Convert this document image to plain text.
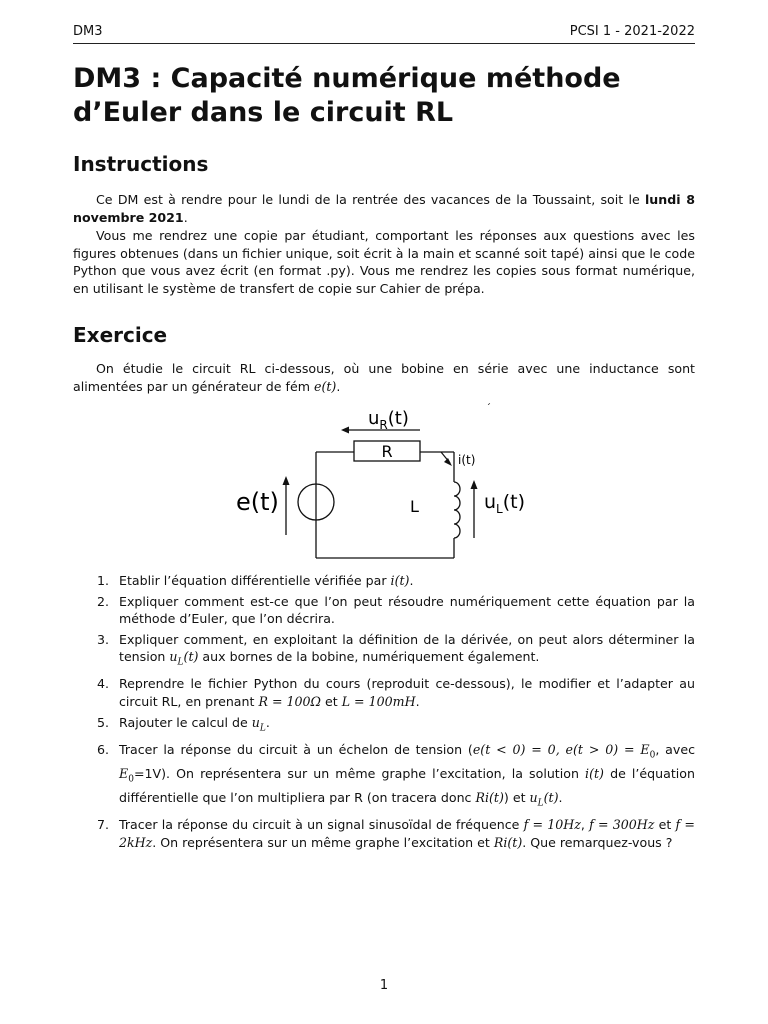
DM3	PCSI 1 - 2021-2022
DM3 : Capacité numérique méthode d’Euler dans le circuit RL
Instructions

Ce DM est à rendre pour le lundi de la rentrée des vacances de la Toussaint, soit le lundi 8 novembre 2021.

Vous me rendrez une copie par étudiant, comportant les réponses aux questions avec les figures obtenues (dans un fichier unique, soit écrit à la main et scanné soit tapé) ainsi que le code Python que vous avez écrit (en format .py). Vous me rendrez les copies sous format numérique, en utilisant le système de transfert de copie sur Cahier de prépa.

Exercice

On étudie le circuit RL ci-dessous, où une bobine en série avec une inductance sont alimentées par un générateur de fém e(t).

R
$u_R(t)$
i(t)
´
e(t)	L	$u_L(t)$
1. Etablir l’équation différentielle vérifiée par i(t).
2. Expliquer comment est-ce que l’on peut résoudre numériquement cette équation par la méthode d’Euler, que l’on décrira.
3. Expliquer comment, en exploitant la définition de la dérivée, on peut alors déterminer la tension $u_L(t)$ aux bornes de la bobine, numériquement également.
4. Reprendre le fichier Python du cours (reproduit ce-dessous), le modifier et l’adapter au circuit RL, en prenant R = 100Ω et L = 100mH.
5. Rajouter le calcul de $u_L$.
6. Tracer la réponse du circuit à un échelon de tension (e(t < 0) = 0, $e(t > 0) = E_0$, avec $E_0=1V$). On représentera sur un même graphe l’excitation, la solution i(t) de l’équation différentielle que l’on multipliera par R (on tracera donc Ri(t)) et $u_L(t)$.
7. Tracer la réponse du circuit à un signal sinusoïdal de fréquence f = 10Hz, f = 300Hz et f = 2kHz. On représentera sur un même graphe l’excitation et Ri(t). Que remarquez-vous ?
1
